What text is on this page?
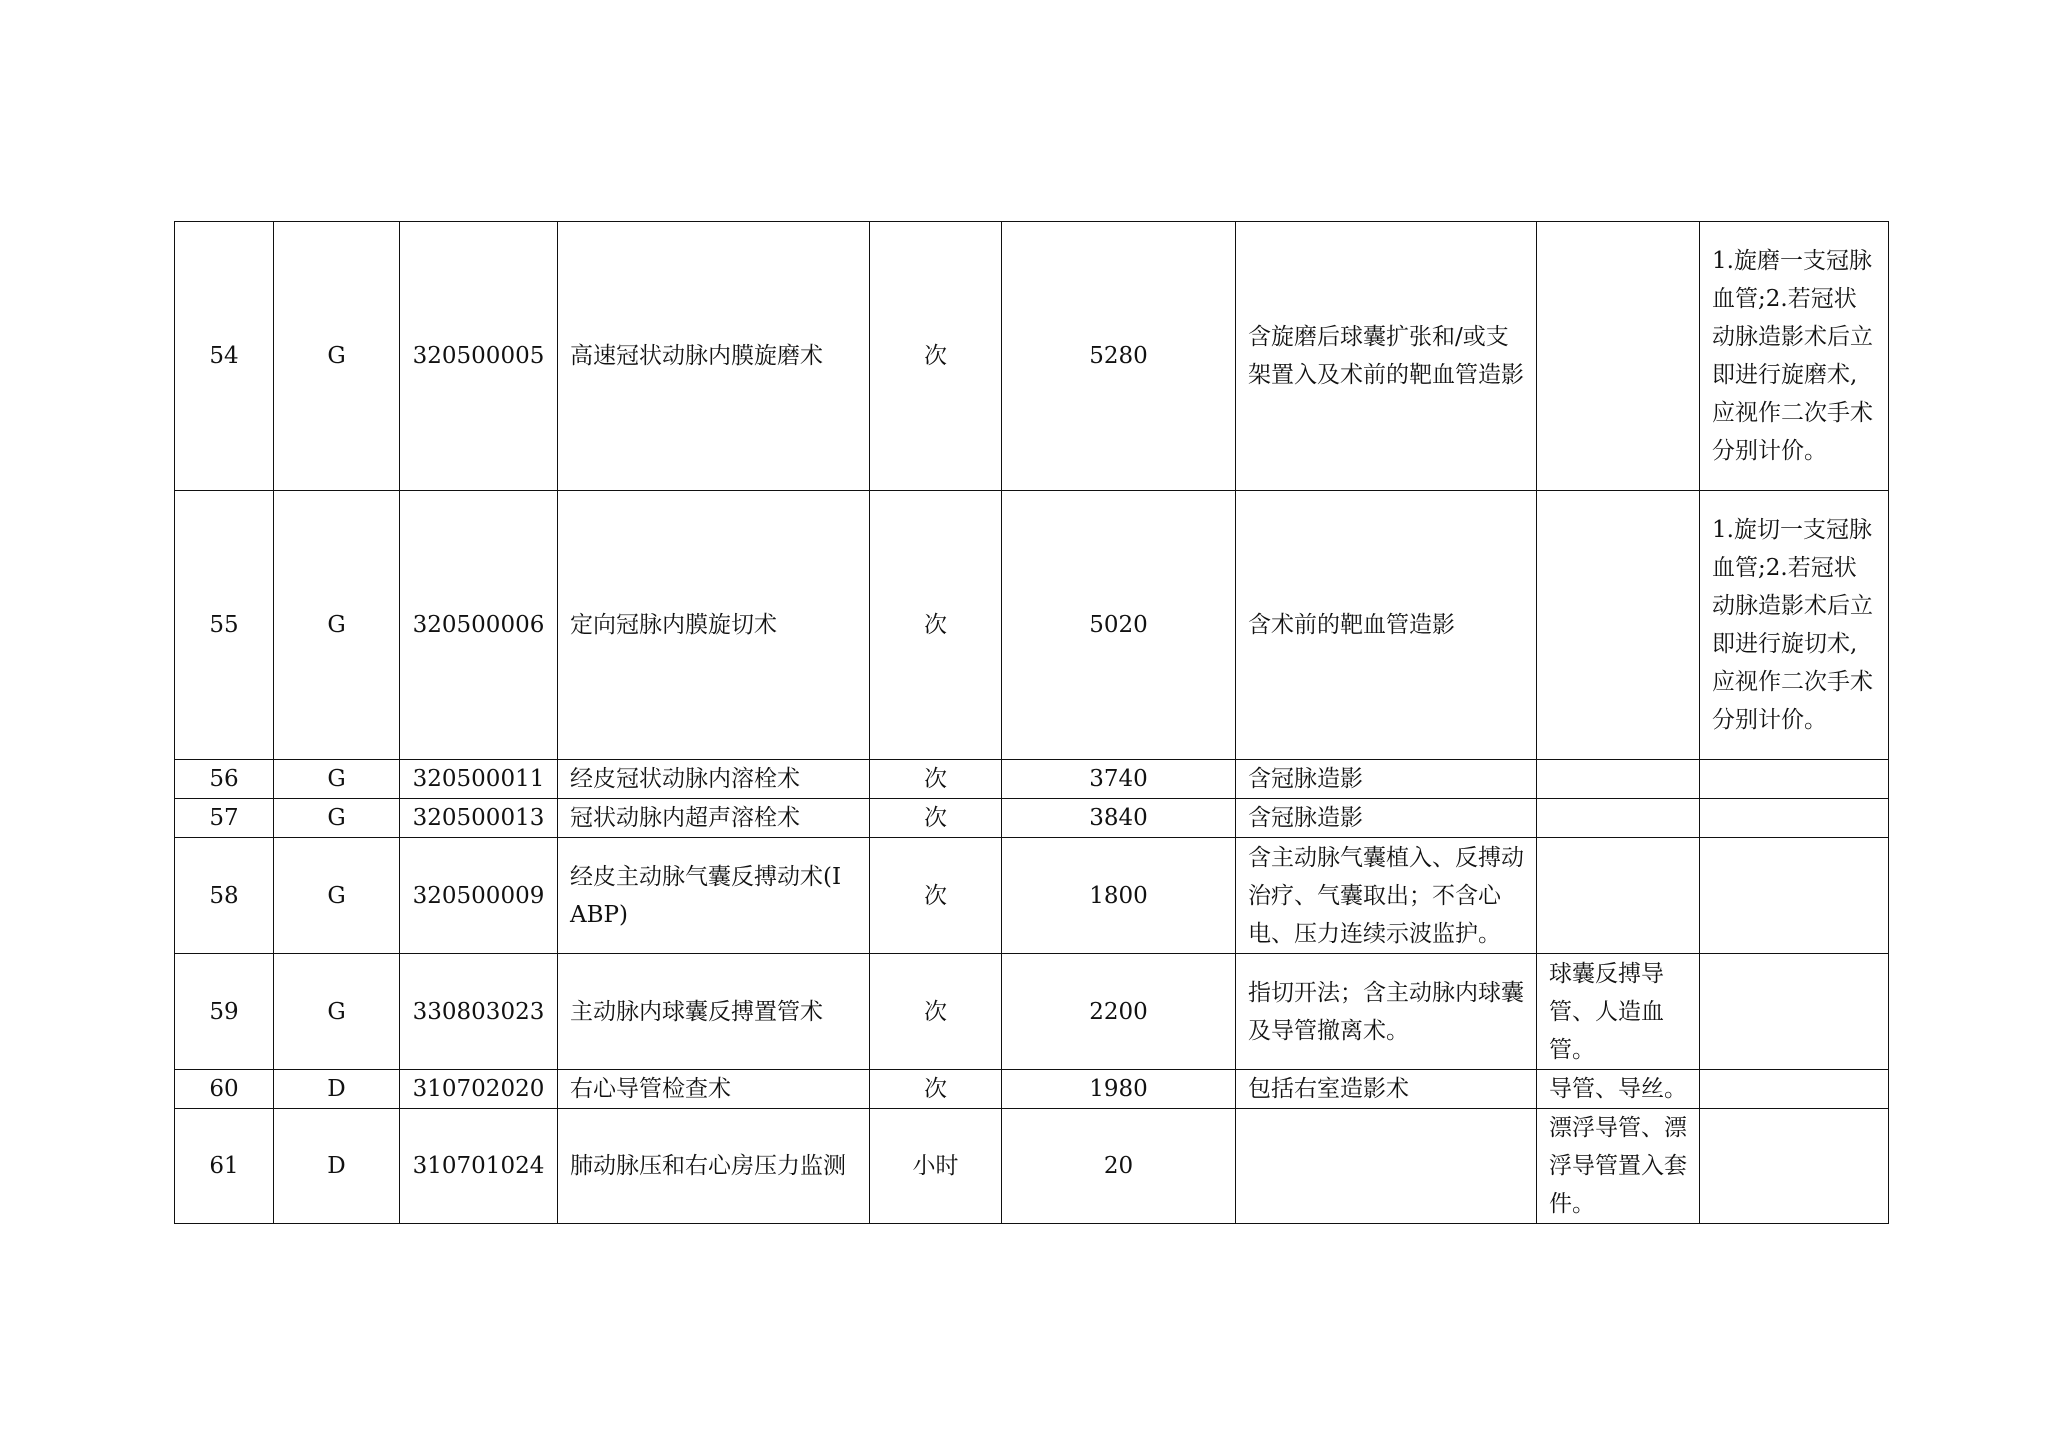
54	G	320500005	高速冠状动脉内膜旋磨术	次	5280	含旋磨后球囊扩张和/或支架置入及术前的靶血管造影		1.旋磨一支冠脉血管;2.若冠状动脉造影术后立即进行旋磨术,应视作二次手术分别计价。
55	G	320500006	定向冠脉内膜旋切术	次	5020	含术前的靶血管造影		1.旋切一支冠脉血管;2.若冠状动脉造影术后立即进行旋切术,应视作二次手术分别计价。
56	G	320500011	经皮冠状动脉内溶栓术	次	3740	含冠脉造影		
57	G	320500013	冠状动脉内超声溶栓术	次	3840	含冠脉造影		
58	G	320500009	经皮主动脉气囊反搏动术(IABP)	次	1800	含主动脉气囊植入、反搏动治疗、气囊取出；不含心电、压力连续示波监护。		
59	G	330803023	主动脉内球囊反搏置管术	次	2200	指切开法；含主动脉内球囊及导管撤离术。	球囊反搏导管、人造血管。	
60	D	310702020	右心导管检查术	次	1980	包括右室造影术	导管、导丝。	
61	D	310701024	肺动脉压和右心房压力监测	小时	20		漂浮导管、漂浮导管置入套件。	
